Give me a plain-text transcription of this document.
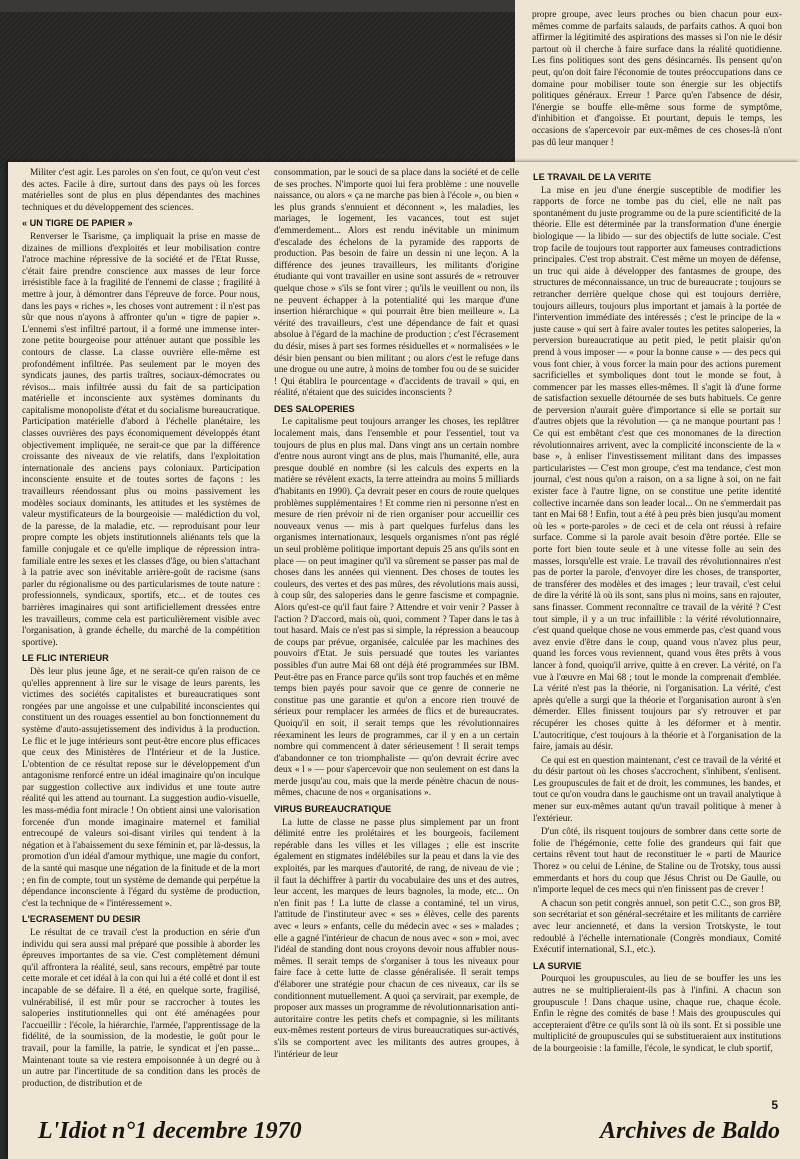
propre groupe, avec leurs proches ou bien chacun pour eux-mêmes comme de parfaits salauds, de parfaits cathos. A quoi bon affirmer la légitimité des aspirations des masses si l'on nie le désir partout où il cherche à faire surface dans la réalité quotidienne. Les fins politiques sont des gens désincarnés. Ils pensent qu'on peut, qu'on doit faire l'économie de toutes préoccupations dans ce domaine pour mobiliser toute son énergie sur les objectifs politiques généraux. Erreur ! Parce qu'en l'absence de désir, l'énergie se bouffe elle-même sous forme de symptôme, d'inhibition et d'angoisse. Et pourtant, depuis le temps, les occasions de s'apercevoir par eux-mêmes de ces choses-là n'ont pas dû leur manquer !

Militer c'est agir. Les paroles on s'en fout, ce qu'on veut c'est des actes. Facile à dire, surtout dans des pays où les forces matérielles sont de plus en plus dépendantes des machines techniques et du développement des sciences.

« UN TIGRE DE PAPIER »

Renverser le Tsarisme, ça impliquait la prise en masse de dizaines de millions d'exploités et leur mobilisation contre l'atroce machine répressive de la société et de l'Etat Russe, c'était faire prendre conscience aux masses de leur force irrésistible face à la fragilité de l'ennemi de classe ; fragilité à mettre à jour, à démontrer dans l'épreuve de force. Pour nous, dans les pays « riches », les choses vont autrement : il n'est pas sûr que nous n'ayons à affronter qu'un « tigre de papier ». L'ennemi s'est infiltré partout, il a formé une immense inter-zone petite bourgeoise pour atténuer autant que possible les contours de classe. La classe ouvrière elle-même est profondément infiltrée. Pas seulement par le moyen des syndicats jaunes, des partis traîtres, sociaux-démocrates ou révisos... mais infiltrée aussi du fait de sa participation matérielle et inconsciente aux systèmes dominants du capitalisme monopoliste d'état et du socialisme bureaucratique. Participation matérielle d'abord à l'échelle planétaire, les classes ouvrières des pays économiquement développés étant objectivement impliquée, ne serait-ce que par la différence croissante des niveaux de vie relatifs, dans l'exploitation internationale des anciens pays coloniaux. Participation inconsciente ensuite et de toutes sortes de façons : les travailleurs réendossant plus ou moins passivement les modèles sociaux dominants, les attitudes et les systèmes de valeur mystificateurs de la bourgeoisie — malédiction du vol, de la paresse, de la maladie, etc. — reproduisant pour leur propre compte les objets institutionnels aliénants tels que la famille conjugale et ce qu'elle implique de répression intra-familiale entre les sexes et les classes d'âge, ou bien s'attachant à la patrie avec son inévitable arrière-goût de racisme (sans parler du régionalisme ou des particularismes de toute nature : professionnels, syndicaux, sportifs, etc... et de toutes ces barrières imaginaires qui sont artificiellement dressées entre les travailleurs, comme cela est particulièrement visible avec l'organisation, à grande échelle, du marché de la compétition sportive).

LE FLIC INTERIEUR

Dès leur plus jeune âge, et ne serait-ce qu'en raison de ce qu'elles apprennent à lire sur le visage de leurs parents, les victimes des sociétés capitalistes et bureaucratiques sont rongées par une angoisse et une culpabilité inconscientes qui constituent un des rouages essentiel au bon fonctionnement du système d'auto-assujetissement des individus à la production. Le flic et le juge intérieurs sont peut-être encore plus efficaces que ceux des Ministères de l'Intérieur et de la Justice. L'obtention de ce résultat repose sur le développement d'un antagonisme renforcé entre un idéal imaginaire qu'on inculque par suggestion collective aux individus et une toute autre réalité qui les attend au tournant. La suggestion audio-visuelle, les mass-média font miracle ! On obtient ainsi une valorisation forcenée d'un monde imaginaire maternel et familial entrecoupé de valeurs soi-disant viriles qui tendent à la négation et à l'abaissement du sexe féminin et, par là-dessus, la promotion d'un idéal d'amour mythique, une magie du confort, de la santé qui masque une négation de la finitude et de la mort ; en fin de compte, tout un système de demande qui perpétue la dépendance inconsciente à l'égard du système de production, c'est la technique de « l'intéressement ».

L'ECRASEMENT DU DESIR

Le résultat de ce travail c'est la production en série d'un individu qui sera aussi mal préparé que possible à aborder les épreuves importantes de sa vie. C'est complètement démuni qu'il affrontera la réalité, seul, sans recours, empêtré par toute cette morale et cet idéal à la con qui lui a été collé et dont il est incapable de se défaire. Il a été, en quelque sorte, fragilisé, vulnérabilisé, il est mûr pour se raccrocher à toutes les saloperies institutionnelles qui ont été aménagées pour l'accueillir : l'école, la hiérarchie, l'armée, l'apprentissage de la fidélité, de la soumission, de la modestie, le goût pour le travail, pour la famille, la patrie, le syndicat et j'en passe... Maintenant toute sa vie restera empoisonnée à un degré ou à un autre par l'incertitude de sa condition dans les procès de production, de distribution et de

consommation, par le souci de sa place dans la société et de celle de ses proches. N'importe quoi lui fera problème : une nouvelle naissance, ou alors « ça ne marche pas bien à l'école », ou bien « les plus grands s'ennuient et déconnent », les maladies, les mariages, le logement, les vacances, tout est sujet d'emmerdement... Alors est rendu inévitable un minimum d'escalade des échelons de la pyramide des rapports de production. Pas besoin de faire un dessin ni une leçon. A la différence des jeunes travailleurs, les militants d'origine étudiante qui vont travailler en usine sont assurés de « retrouver quelque chose » s'ils se font virer ; qu'ils le veuillent ou non, ils ne peuvent échapper à la potentialité qui les marque d'une insertion hiérarchique « qui pourrait être bien meilleure ». La vérité des travailleurs, c'est une dépendance de fait et quasi absolue à l'égard de la machine de production ; c'est l'écrasement du désir, mises à part ses formes résiduelles et « normalisées » le désir bien pensant ou bien militant ; ou alors c'est le refuge dans une drogue ou une autre, à moins de tomber fou ou de se suicider ! Qui établira le pourcentage « d'accidents de travail » qui, en réalité, n'étaient que des suicides inconscients ?

DES SALOPERIES

Le capitalisme peut toujours arranger les choses, les replâtrer localement mais, dans l'ensemble et pour l'essentiel, tout va toujours de plus en plus mal. Dans vingt ans un certain nombre d'entre nous auront vingt ans de plus, mais l'humanité, elle, aura presque doublé en nombre (si les calculs des experts en la matière se révèlent exacts, la terre atteindra au moins 5 milliards d'habitants en 1990). Ça devrait peser en cours de route quelques problèmes supplémentaires ! Et comme rien ni personne n'est en mesure de rien prévoir ni de rien organiser pour accueillir ces nouveaux venus — mis à part quelques furfelus dans les organismes internationaux, lesquels organismes n'ont pas réglé un seul problème politique important depuis 25 ans qu'ils sont en place — on peut imaginer qu'il va sûrement se passer pas mal de choses dans les années qui viennent. Des choses de toutes les couleurs, des vertes et des pas mûres, des révolutions mais aussi, à coup sûr, des saloperies dans le genre fascisme et compagnie. Alors qu'est-ce qu'il faut faire ? Attendre et voir venir ? Passer à l'action ? D'accord, mais où, quoi, comment ? Taper dans le tas à tout hasard. Mais ce n'est pas si simple, la répression a beaucoup de coups par prévue, organisée, calculée par les machines des pouvoirs d'Etat. Je suis persuadé que toutes les variantes possibles d'un autre Mai 68 ont déjà été programmées sur IBM. Peut-être pas en France parce qu'ils sont trop fauchés et en même temps bien payés pour savoir que ce genre de connerie ne constitue pas une garantie et qu'on a encore rien trouvé de sérieux pour remplacer les armées de flics et de bureaucrates. Quoiqu'il en soit, il serait temps que les révolutionnaires réexaminent les leurs de programmes, car il y en a un certain nombre qui commencent à dater sérieusement ! Il serait temps d'abandonner ce ton triomphaliste — qu'on devrait écrire avec deux « l » — pour s'apercevoir que non seulement on est dans la merde jusqu'au cou, mais que la merde pénètre chacun de nous-mêmes, chacune de nos « organisations ».

VIRUS BUREAUCRATIQUE

La lutte de classe ne passe plus simplement par un front délimité entre les prolétaires et les bourgeois, facilement repérable dans les villes et les villages ; elle est inscrite également en stigmates indélébiles sur la peau et dans la vie des exploités, par les marques d'autorité, de rang, de niveau de vie ; il faut la déchiffrer à partir du vocabulaire des uns et des autres, leur accent, les marques de leurs bagnoles, la mode, etc... On n'en finit pas ! La lutte de classe a contaminé, tel un virus, l'attitude de l'instituteur avec « ses » élèves, celle des parents avec « leurs » enfants, celle du médecin avec « ses » malades ; elle a gagné l'intérieur de chacun de nous avec « son » moi, avec l'idéal de standing dont nous croyons devoir nous affubler nous-mêmes. Il serait temps de s'organiser à tous les niveaux pour faire face à cette lutte de classe généralisée. Il serait temps d'élaborer une stratégie pour chacun de ces niveaux, car ils se conditionnent mutuellement. A quoi ça servirait, par exemple, de proposer aux masses un programme de révolutionnarisation anti-autoritaire contre les petits chefs et compagnie, si les militants eux-mêmes restent porteurs de virus bureaucratiques sur-activés, s'ils se comportent avec les militants des autres groupes, à l'intérieur de leur

LE TRAVAIL DE LA VERITE

La mise en jeu d'une énergie susceptible de modifier les rapports de force ne tombe pas du ciel, elle ne naît pas spontanément du juste programme ou de la pure scientificité de la théorie. Elle est déterminée par la transformation d'une énergie biologique — la libido — sur des objectifs de lutte sociale. C'est trop facile de toujours tout rapporter aux fameuses contradictions principales. C'est trop abstrait. C'est même un moyen de défense, un truc qui aide à développer des fantasmes de groupe, des structures de méconnaissance, un truc de bureaucrate ; toujours se retrancher derrière quelque chose qui est toujours derrière, toujours ailleurs, toujours plus important et jamais à la portée de l'intervention immédiate des intéressés ; c'est le principe de la « juste cause » qui sert à faire avaler toutes les petites saloperies, la perversion bureaucratique au petit pied, le petit plaisir qu'on prend à vous imposer — « pour la bonne cause » — des pecs qui vous font chier, à vous forcer la main pour des actions purement sacrificielles et symboliques dont tout le monde se fout, à commencer par les masses elles-mêmes. Il s'agit là d'une forme de satisfaction sexuelle détournée de ses buts habituels. Ce genre de perversion n'aurait guère d'importance si elle se portait sur d'autres objets que la révolution — ça ne manque pourtant pas ! Ce qui est embêtant c'est que ces monomanes de la direction révolutionnaires arrivent, avec la complicité inconsciente de la « base », à enliser l'investissement militant dans des impasses particularistes — C'est mon groupe, c'est ma tendance, c'est mon journal, c'est nous qu'on a raison, on a sa ligne à soi, on ne fait exister face à l'autre ligne, on se constitue une petite identité collective incarnée dans son leader local... On ne s'emmerdait pas tant en Mai 68 ! Enfin, tout a été à peu près bien jusqu'au moment où les « porte-paroles » de ceci et de cela ont réussi à refaire surface. Comme si la parole avait besoin d'être portée. Elle se porte fort bien toute seule et à une vitesse folle au sein des masses, lorsqu'elle est vraie. Le travail des révolutionnaires n'est pas de porter la parole, d'envoyer dire les choses, de transporter, de transférer des modèles et des images ; leur travail, c'est celui de dire la vérité là où ils sont, sans plus ni moins, sans en rajouter, sans finasser. Comment reconnaître ce travail de la vérité ? C'est tout simple, il y a un truc infaillible : la vérité révolutionnaire, c'est quand quelque chose ne vous emmerde pas, c'est quand vous avez envie d'être dans le coup, quand vous n'avez plus peur, quand les forces vous reviennent, quand vous êtes prêts à vous lancer à fond, quoiqu'il arrive, quitte à en crever. La vérité, on l'a vue à l'œuvre en Mai 68 ; tout le monde la comprenait d'emblée. La vérité n'est pas la théorie, ni l'organisation. La vérité, c'est après qu'elle a surgi que la théorie et l'organisation auront à s'en démerder. Elles finissent toujours par s'y retrouver et par récupérer les choses quitte à les déformer et à mentir. L'autocritique, c'est toujours à la théorie et à l'organisation de la faire, jamais au désir.

Ce qui est en question maintenant, c'est ce travail de la vérité et du désir partout où les choses s'accrochent, s'inhibent, s'enlisent. Les groupuscules de fait et de droit, les communes, les bandes, et tout ce qu'on voudra dans le gauchisme ont un travail analytique à mener sur eux-mêmes autant qu'un travail politique à mener à l'extérieur.

D'un côté, ils risquent toujours de sombrer dans cette sorte de folie de l'hégémonie, cette folie des grandeurs qui fait que certains rêvent tout haut de reconstituer le « parti de Maurice Thorez » ou celui de Lénine, de Staline ou de Trotsky, tous aussi emmerdants et hors du coup que Jésus Christ ou De Gaulle, ou n'importe lequel de ces mecs qui n'en finissent pas de crever !

A chacun son petit congrès annuel, son petit C.C., son gros BP, son secrétariat et son général-secrétaire et les militants de carrière avec leur ancienneté, et dans la version Trotskyste, le tout redoublé à l'échelle internationale (Congrès mondiaux, Comité Exécutif international, S.I., etc.).

LA SURVIE

Pourquoi les groupuscules, au lieu de se bouffer les uns les autres ne se multiplieraient-ils pas à l'infini. A chacun son groupuscule ! Dans chaque usine, chaque rue, chaque école. Enfin le règne des comités de base ! Mais des groupuscules qui accepteraient d'être ce qu'ils sont là où ils sont. Et si possible une multiplicité de groupuscules qui se substitueraient aux institutions de la bourgeoisie : la famille, l'école, le syndicat, le club sportif,

5
L'Idiot n°1 decembre 1970	Archives de Baldo
